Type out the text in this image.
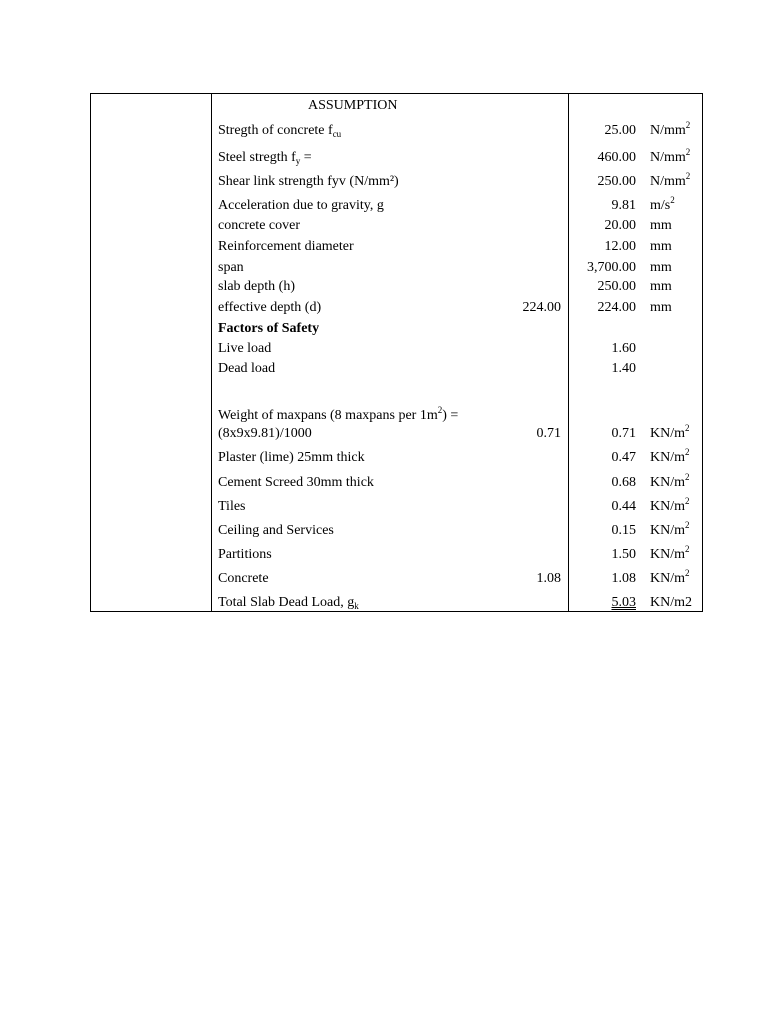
ASSUMPTION
Stregth of concrete $f_{cu}$	25.00 $N/mm^2$
Steel stregth $f_y$ =	460.00 $N/mm^2$
Shear link strength fyv (N/mm²)	250.00 $N/mm^2$
Acceleration due to gravity, g	9.81 $m/s^2$
concrete cover	20.00 mm
Reinforcement diameter	12.00 mm
span	3,700.00 mm
slab depth (h)	250.00 mm
effective depth (d)	224.00	224.00 mm
Factors of Safety
Live load	1.60
Dead load	1.40
Weight of maxpans (8 maxpans per $1m^2$) =
(8x9x9.81)/1000	0.71	0.71 $KN/m^2$
Plaster (lime) 25mm thick	0.47 $KN/m^2$
Cement Screed 30mm thick	0.68 $KN/m^2$
Tiles	0.44 $KN/m^2$
Ceiling and Services	0.15 $KN/m^2$
Partitions	1.50 $KN/m^2$
Concrete	1.08	1.08 $KN/m^2$
Total Slab Dead Load, $g_k$	5.03 KN/m2
